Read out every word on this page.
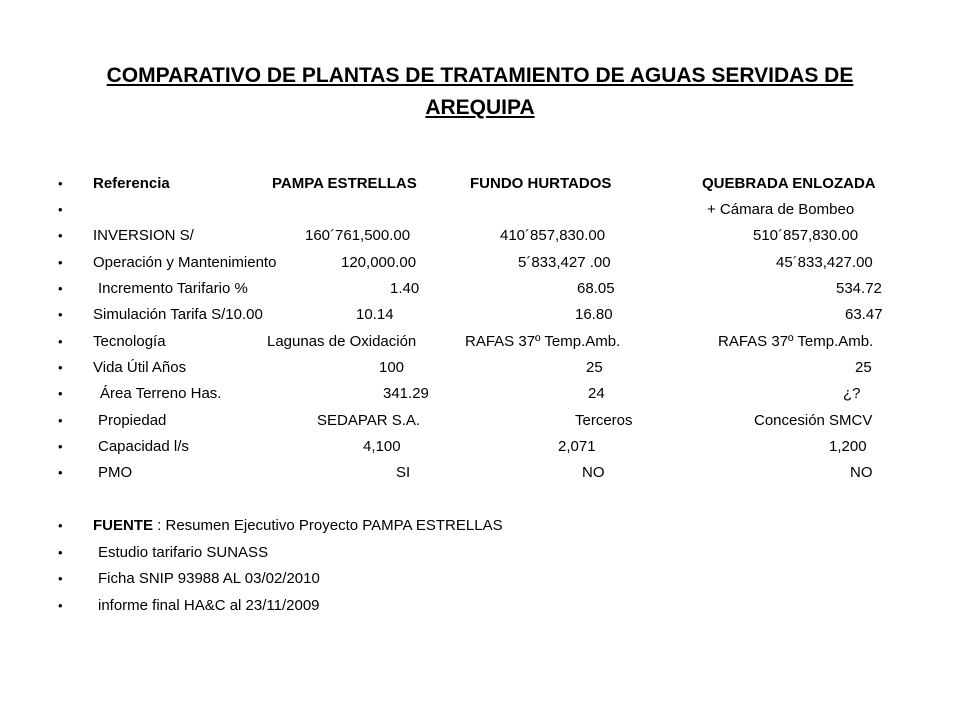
COMPARATIVO DE PLANTAS DE TRATAMIENTO DE AGUAS SERVIDAS DE AREQUIPA
• Referencia	PAMPA ESTRELLAS	FUNDO HURTADOS	QUEBRADA ENLOZADA
•	+ Cámara de Bombeo
• INVERSION S/	160´761,500.00	410´857,830.00	510´857,830.00
• Operación y Mantenimiento	120,000.00	5´833,427 .00	45´833,427.00
• Incremento Tarifario %	1.40	68.05	534.72
• Simulación Tarifa S/10.00	10.14	16.80	63.47
• Tecnología	Lagunas de Oxidación	RAFAS 37º Temp.Amb.	RAFAS 37º Temp.Amb.
• Vida Útil Años	100	25	25
• Área Terreno Has.	341.29	24	¿?
• Propiedad	SEDAPAR S.A.	Terceros	Concesión SMCV
• Capacidad l/s	4,100	2,071	1,200
• PMO	SI	NO	NO
• FUENTE : Resumen Ejecutivo Proyecto PAMPA ESTRELLAS
• Estudio tarifario SUNASS
• Ficha SNIP 93988 AL 03/02/2010
• informe final HA&C al 23/11/2009
